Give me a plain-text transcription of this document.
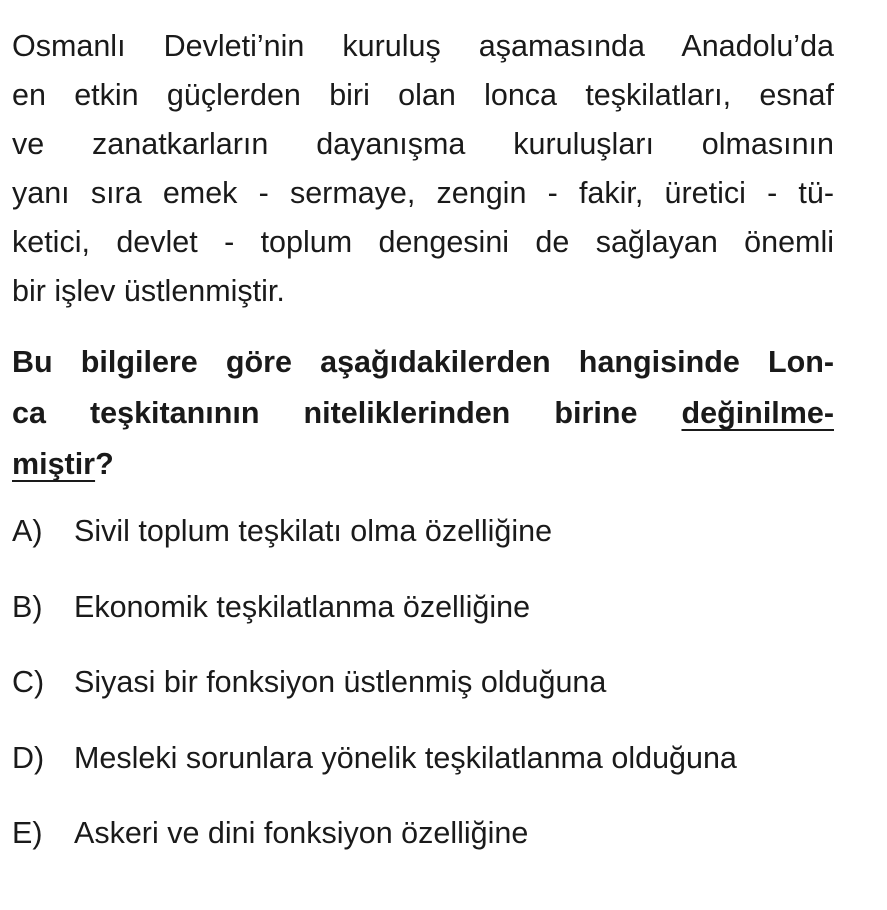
Osmanlı Devleti’nin kuruluş aşamasında Anadolu’da
en etkin güçlerden biri olan lonca teşkilatları, esnaf
ve zanatkarların dayanışma kuruluşları olmasının
yanı sıra emek - sermaye, zengin - fakir, üretici - tü-
ketici, devlet - toplum dengesini de sağlayan önemli
bir işlev üstlenmiştir.
Bu bilgilere göre aşağıdakilerden hangisinde Lon-
ca teşkitanının niteliklerinden birine değinilme-
miştir?
A)	Sivil toplum teşkilatı olma özelliğine
B)	Ekonomik teşkilatlanma özelliğine
C) Siyasi bir fonksiyon üstlenmiş olduğuna
D) Mesleki sorunlara yönelik teşkilatlanma olduğuna
E)	Askeri ve dini fonksiyon özelliğine
